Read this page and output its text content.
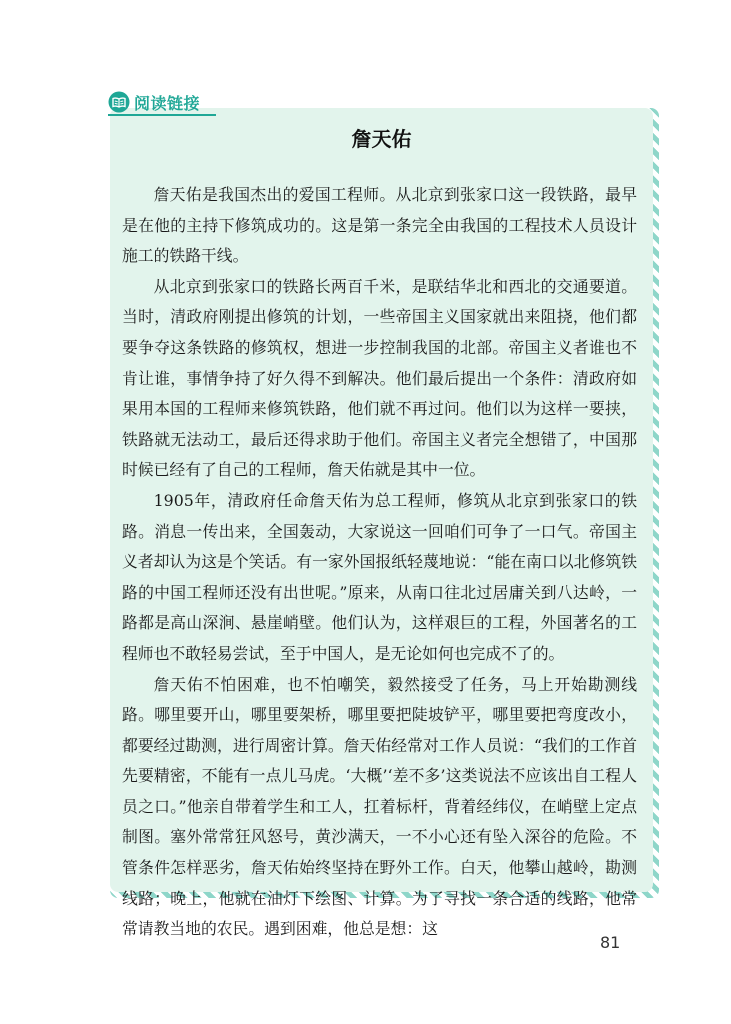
阅读链接
詹天佑

詹天佑是我国杰出的爱国工程师。从北京到张家口这一段铁路，最早是在他的主持下修筑成功的。这是第一条完全由我国的工程技术人员设计施工的铁路干线。

从北京到张家口的铁路长两百千米，是联结华北和西北的交通要道。当时，清政府刚提出修筑的计划，一些帝国主义国家就出来阻挠，他们都要争夺这条铁路的修筑权，想进一步控制我国的北部。帝国主义者谁也不肯让谁，事情争持了好久得不到解决。他们最后提出一个条件：清政府如果用本国的工程师来修筑铁路，他们就不再过问。他们以为这样一要挟，铁路就无法动工，最后还得求助于他们。帝国主义者完全想错了，中国那时候已经有了自己的工程师，詹天佑就是其中一位。

1905年，清政府任命詹天佑为总工程师，修筑从北京到张家口的铁路。消息一传出来，全国轰动，大家说这一回咱们可争了一口气。帝国主义者却认为这是个笑话。有一家外国报纸轻蔑地说：“能在南口以北修筑铁路的中国工程师还没有出世呢。”原来，从南口往北过居庸关到八达岭，一路都是高山深涧、悬崖峭壁。他们认为，这样艰巨的工程，外国著名的工程师也不敢轻易尝试，至于中国人，是无论如何也完成不了的。

詹天佑不怕困难，也不怕嘲笑，毅然接受了任务，马上开始勘测线路。哪里要开山，哪里要架桥，哪里要把陡坡铲平，哪里要把弯度改小，都要经过勘测，进行周密计算。詹天佑经常对工作人员说：“我们的工作首先要精密，不能有一点儿马虎。‘大概’‘差不多’这类说法不应该出自工程人员之口。”他亲自带着学生和工人，扛着标杆，背着经纬仪，在峭壁上定点制图。塞外常常狂风怒号，黄沙满天，一不小心还有坠入深谷的危险。不管条件怎样恶劣，詹天佑始终坚持在野外工作。白天，他攀山越岭，勘测线路；晚上，他就在油灯下绘图、计算。为了寻找一条合适的线路，他常常请教当地的农民。遇到困难，他总是想：这

81
